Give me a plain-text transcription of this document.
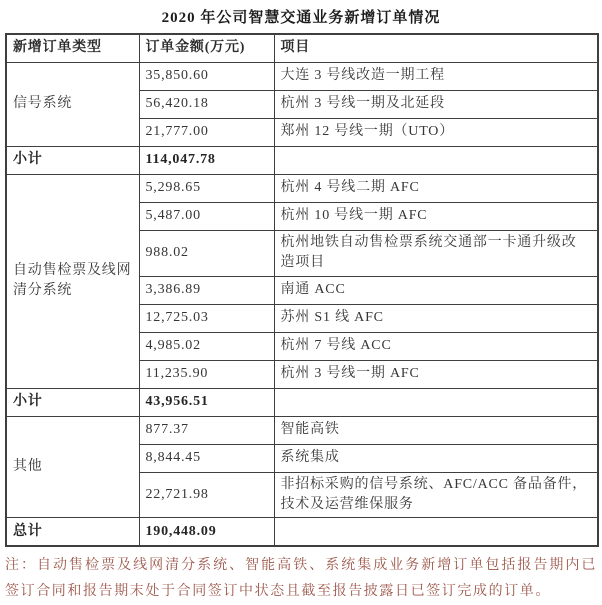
2020 年公司智慧交通业务新增订单情况
新增订单类型	订单金额(万元)	项目
信号系统	35,850.60	大连 3 号线改造一期工程
	56,420.18	杭州 3 号线一期及北延段
	21,777.00	郑州 12 号线一期（UTO）
小计	114,047.78	
自动售检票及线网清分系统	5,298.65	杭州 4 号线二期 AFC
	5,487.00	杭州 10 号线一期 AFC
	988.02	杭州地铁自动售检票系统交通部一卡通升级改造项目
	3,386.89	南通 ACC
	12,725.03	苏州 S1 线 AFC
	4,985.02	杭州 7 号线 ACC
	11,235.90	杭州 3 号线一期 AFC
小计	43,956.51	
其他	877.37	智能高铁
	8,844.45	系统集成
	22,721.98	非招标采购的信号系统、AFC/ACC 备品备件，技术及运营维保服务
总计	190,448.09	
注：自动售检票及线网清分系统、智能高铁、系统集成业务新增订单包括报告期内已签订合同和报告期末处于合同签订中状态且截至报告披露日已签订完成的订单。
